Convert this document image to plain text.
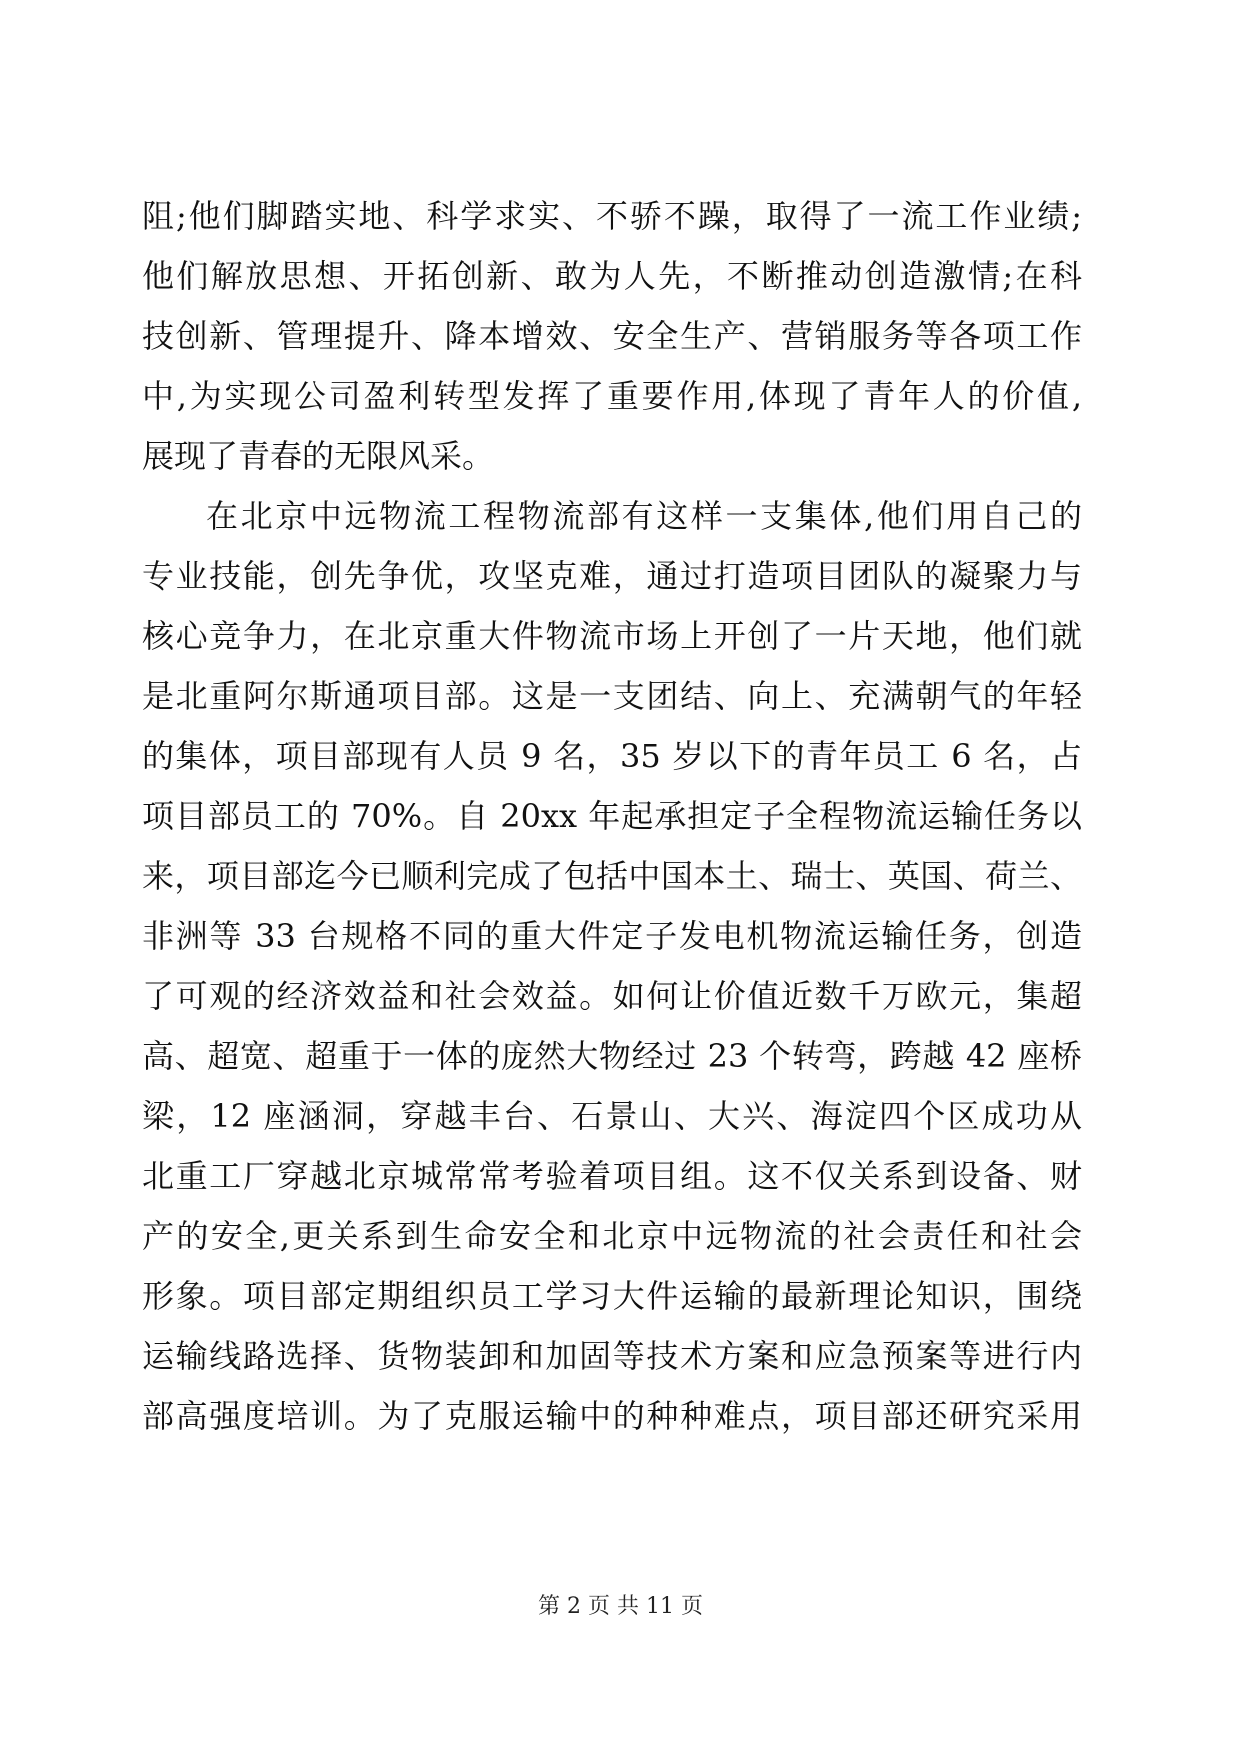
阻;他们脚踏实地、科学求实、不骄不躁，取得了一流工作业绩;
他们解放思想、开拓创新、敢为人先，不断推动创造激情;在科
技创新、管理提升、降本增效、安全生产、营销服务等各项工作
中,为实现公司盈利转型发挥了重要作用,体现了青年人的价值,
展现了青春的无限风采。
在北京中远物流工程物流部有这样一支集体,他们用自己的
专业技能，创先争优，攻坚克难，通过打造项目团队的凝聚力与
核心竞争力，在北京重大件物流市场上开创了一片天地，他们就
是北重阿尔斯通项目部。这是一支团结、向上、充满朝气的年轻
的集体，项目部现有人员 9 名，35 岁以下的青年员工 6 名，占
项目部员工的 70%。自 20xx 年起承担定子全程物流运输任务以
来，项目部迄今已顺利完成了包括中国本土、瑞士、英国、荷兰、
非洲等 33 台规格不同的重大件定子发电机物流运输任务，创造
了可观的经济效益和社会效益。如何让价值近数千万欧元，集超
高、超宽、超重于一体的庞然大物经过 23 个转弯，跨越 42 座桥
梁，12 座涵洞，穿越丰台、石景山、大兴、海淀四个区成功从
北重工厂穿越北京城常常考验着项目组。这不仅关系到设备、财
产的安全,更关系到生命安全和北京中远物流的社会责任和社会
形象。项目部定期组织员工学习大件运输的最新理论知识，围绕
运输线路选择、货物装卸和加固等技术方案和应急预案等进行内
部高强度培训。为了克服运输中的种种难点，项目部还研究采用
第 2 页 共 11 页
